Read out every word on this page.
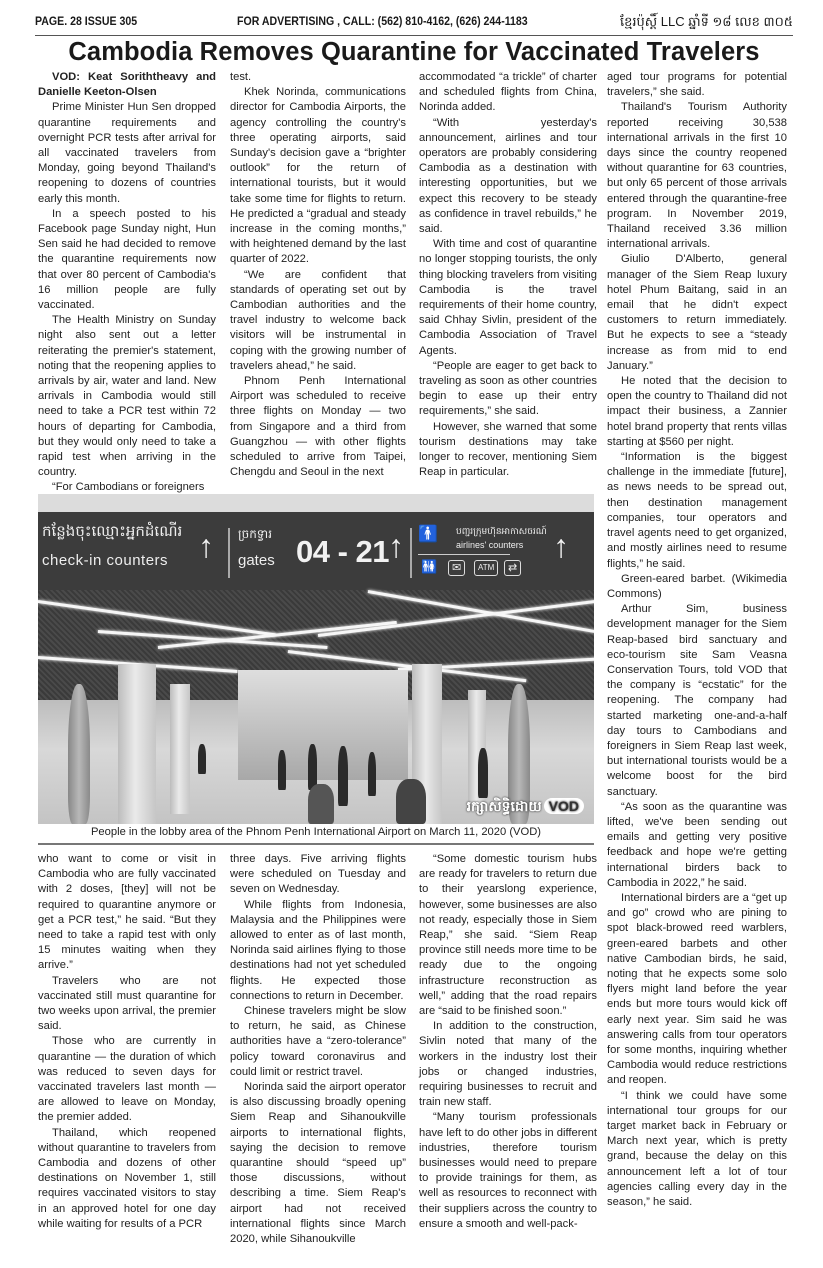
PAGE. 28 ISSUE 305	FOR ADVERTISING , CALL: (562) 810-4162, (626) 244-1183	ខ្មែរប៉ុស្តិ៍ LLC ឆ្នាំទី ១៨ លេខ ៣០៥
Cambodia Removes Quarantine for Vaccinated Travelers

VOD: Keat Soriththeavy and Danielle Keeton-Olsen

Prime Minister Hun Sen dropped quarantine requirements and overnight PCR tests after arrival for all vaccinated travelers from Monday, going beyond Thailand's reopening to dozens of countries early this month.

In a speech posted to his Facebook page Sunday night, Hun Sen said he had decided to remove the quarantine requirements now that over 80 percent of Cambodia's 16 million people are fully vaccinated.

The Health Ministry on Sunday night also sent out a letter reiterating the premier's statement, noting that the reopening applies to arrivals by air, water and land. New arrivals in Cambodia would still need to take a PCR test within 72 hours of departing for Cambodia, but they would only need to take a rapid test when arriving in the country.

“For Cambodians or foreigners

test.

Khek Norinda, communications director for Cambodia Airports, the agency controlling the country's three operating airports, said Sunday's decision gave a “brighter outlook” for the return of international tourists, but it would take some time for flights to return. He predicted a “gradual and steady increase in the coming months,” with heightened demand by the last quarter of 2022.

“We are confident that standards of operating set out by Cambodian authorities and the travel industry to welcome back visitors will be instrumental in coping with the growing number of travelers ahead,” he said.

Phnom Penh International Airport was scheduled to receive three flights on Monday — two from Singapore and a third from Guangzhou — with other flights scheduled to arrive from Taipei, Chengdu and Seoul in the next

accommodated “a trickle” of charter and scheduled flights from China, Norinda added.

“With yesterday's announcement, airlines and tour operators are probably considering Cambodia as a destination with interesting opportunities, but we expect this recovery to be steady as confidence in travel rebuilds,” he said.

With time and cost of quarantine no longer stopping tourists, the only thing blocking travelers from visiting Cambodia is the travel requirements of their home country, said Chhay Sivlin, president of the Cambodia Association of Travel Agents.

“People are eager to get back to traveling as soon as other countries begin to ease up their entry requirements,” she said.

However, she warned that some tourism destinations may take longer to recover, mentioning Siem Reap in particular.

aged tour programs for potential travelers,” she said.

Thailand's Tourism Authority reported receiving 30,538 international arrivals in the first 10 days since the country reopened without quarantine for 63 countries, but only 65 percent of those arrivals entered through the quarantine-free program. In November 2019, Thailand received 3.36 million international arrivals.

Giulio D'Alberto, general manager of the Siem Reap luxury hotel Phum Baitang, said in an email that he didn't expect customers to return immediately. But he expects to see a “steady increase as from mid to end January.”

He noted that the decision to open the country to Thailand did not impact their business, a Zannier hotel brand property that rents villas starting at $560 per night.

“Information is the biggest challenge in the immediate [future], as news needs to be spread out, then destination management companies, tour operators and travel agents need to get organized, and mostly airlines need to resume flights,” he said.

Green-eared barbet. (Wikimedia Commons)

Arthur Sim, business development manager for the Siem Reap-based bird sanctuary and eco-tourism site Sam Veasna Conservation Tours, told VOD that the company is “ecstatic” for the reopening. The company had started marketing one-and-a-half day tours to Cambodians and foreigners in Siem Reap last week, but international tourists would be a welcome boost for the bird sanctuary.

“As soon as the quarantine was lifted, we've been sending out emails and getting very positive feedback and hope we're getting international birders back to Cambodia in 2022,” he said.

International birders are a “get up and go” crowd who are pining to spot black-browed reed warblers, green-eared barbets and other native Cambodian birds, he said, noting that he expects some solo flyers might land before the year ends but more tours would kick off early next year. Sim said he was answering calls from tour operators for some months, inquiring whether Cambodia would reduce restrictions and reopen.

“I think we could have some international tour groups for our target market back in February or March next year, which is pretty grand, because the delay on this announcement left a lot of tour agencies calling every day in the season,” he said.

កន្លែងចុះឈ្មោះអ្នកដំណើរ
check-in counters ↑ ច្រកទ្វារ
gates 04 - 21
↑ 🚹 បញ្ជរក្រុមហ៊ុនអាកាសចរណ៍
airlines' counters
🚻	✉	ATM	⇄
↑
រក្សាសិទ្ធិដោយ VOD
People in the lobby area of the Phnom Penh International Airport on March 11, 2020 (VOD)

who want to come or visit in Cambodia who are fully vaccinated with 2 doses, [they] will not be required to quarantine anymore or get a PCR test,” he said. “But they need to take a rapid test with only 15 minutes waiting when they arrive.”

Travelers who are not vaccinated still must quarantine for two weeks upon arrival, the premier said.

Those who are currently in quarantine — the duration of which was reduced to seven days for vaccinated travelers last month — are allowed to leave on Monday, the premier added.

Thailand, which reopened without quarantine to travelers from Cambodia and dozens of other destinations on November 1, still requires vaccinated visitors to stay in an approved hotel for one day while waiting for results of a PCR

three days. Five arriving flights were scheduled on Tuesday and seven on Wednesday.

While flights from Indonesia, Malaysia and the Philippines were allowed to enter as of last month, Norinda said airlines flying to those destinations had not yet scheduled flights. He expected those connections to return in December.

Chinese travelers might be slow to return, he said, as Chinese authorities have a “zero-tolerance” policy toward coronavirus and could limit or restrict travel.

Norinda said the airport operator is also discussing broadly opening Siem Reap and Sihanoukville airports to international flights, saying the decision to remove quarantine should “speed up” those discussions, without describing a time. Siem Reap's airport had not received international flights since March 2020, while Sihanoukville

“Some domestic tourism hubs are ready for travelers to return due to their yearslong experience, however, some businesses are also not ready, especially those in Siem Reap,” she said. “Siem Reap province still needs more time to be ready due to the ongoing infrastructure reconstruction as well,” adding that the road repairs are “said to be finished soon.”

In addition to the construction, Sivlin noted that many of the workers in the industry lost their jobs or changed industries, requiring businesses to recruit and train new staff.

“Many tourism professionals have left to do other jobs in different industries, therefore tourism businesses would need to prepare to provide trainings for them, as well as resources to reconnect with their suppliers across the country to ensure a smooth and well-pack-
